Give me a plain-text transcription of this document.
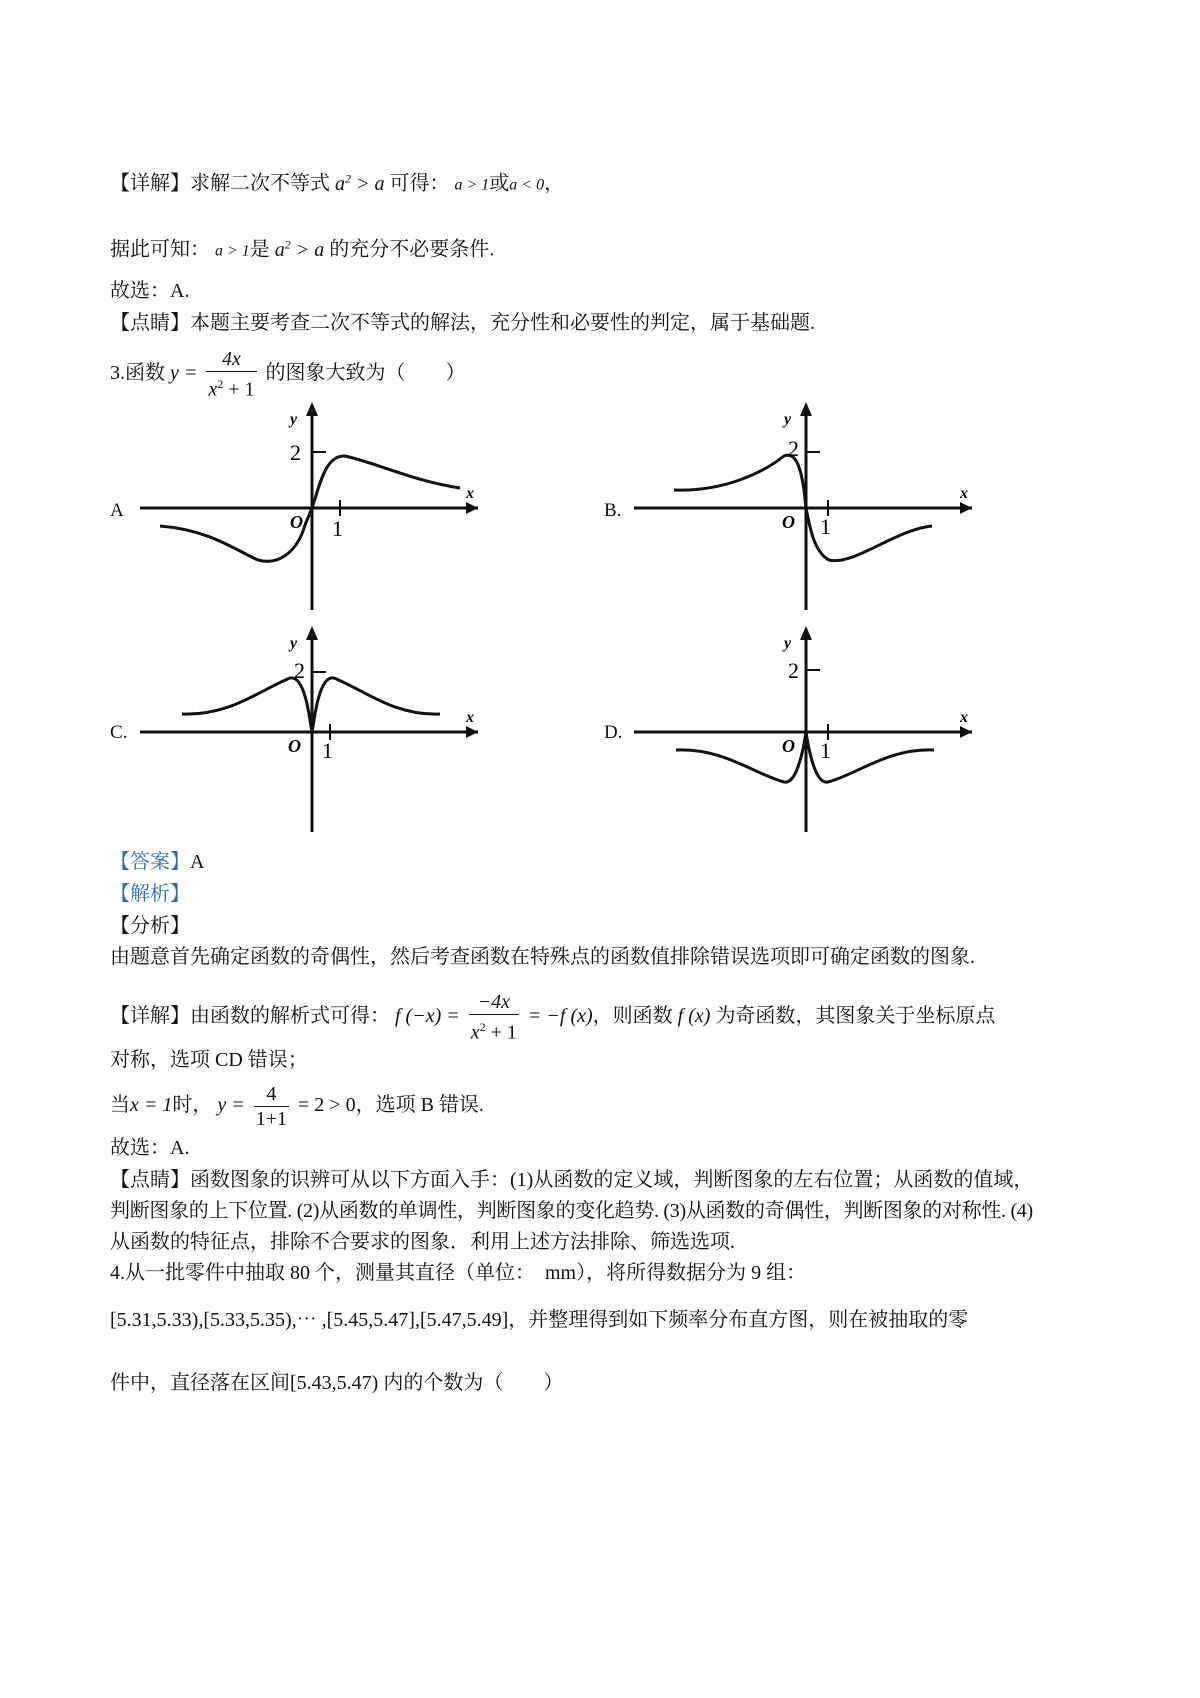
【详解】求解二次不等式 $a^2 > a$ 可得： a > 1或a < 0，
据此可知： a > 1是 $a^2 > a$ 的充分不必要条件.
故选：A.
【点睛】本题主要考查二次不等式的解法，充分性和必要性的判定，属于基础题.
3.函数 $y = \frac{4x}{x^2 + 1}$ 的图象大致为（　　）
A	B.
C.	D.
y
x
O
2
1
y
x
O
2
1
y
x
O
2
1
y
x
O
2
1
【答案】A
【解析】
【分析】
由题意首先确定函数的奇偶性，然后考查函数在特殊点的函数值排除错误选项即可确定函数的图象.
【详解】由函数的解析式可得： f $(-x) = \frac{-4x}{x^2 + 1} = -f$ (x)，则函数 f (x) 为奇函数，其图象关于坐标原点
对称，选项 CD 错误；
当x = 1时， $y = \frac{4}{1+1} = 2 > 0$，选项 B 错误.
故选：A.
【点睛】函数图象的识辨可从以下方面入手：(1)从函数的定义域，判断图象的左右位置；从函数的值域，
判断图象的上下位置. (2)从函数的单调性，判断图象的变化趋势. (3)从函数的奇偶性，判断图象的对称性. (4)
从函数的特征点，排除不合要求的图象．利用上述方法排除、筛选选项.
4.从一批零件中抽取 80 个，测量其直径（单位：　mm），将所得数据分为 9 组：
[5.31,5.33),[5.33,5.35),⋯ ,[5.45,5.47],[5.47,5.49]，并整理得到如下频率分布直方图，则在被抽取的零
件中，直径落在区间[5.43,5.47) 内的个数为（　　）
